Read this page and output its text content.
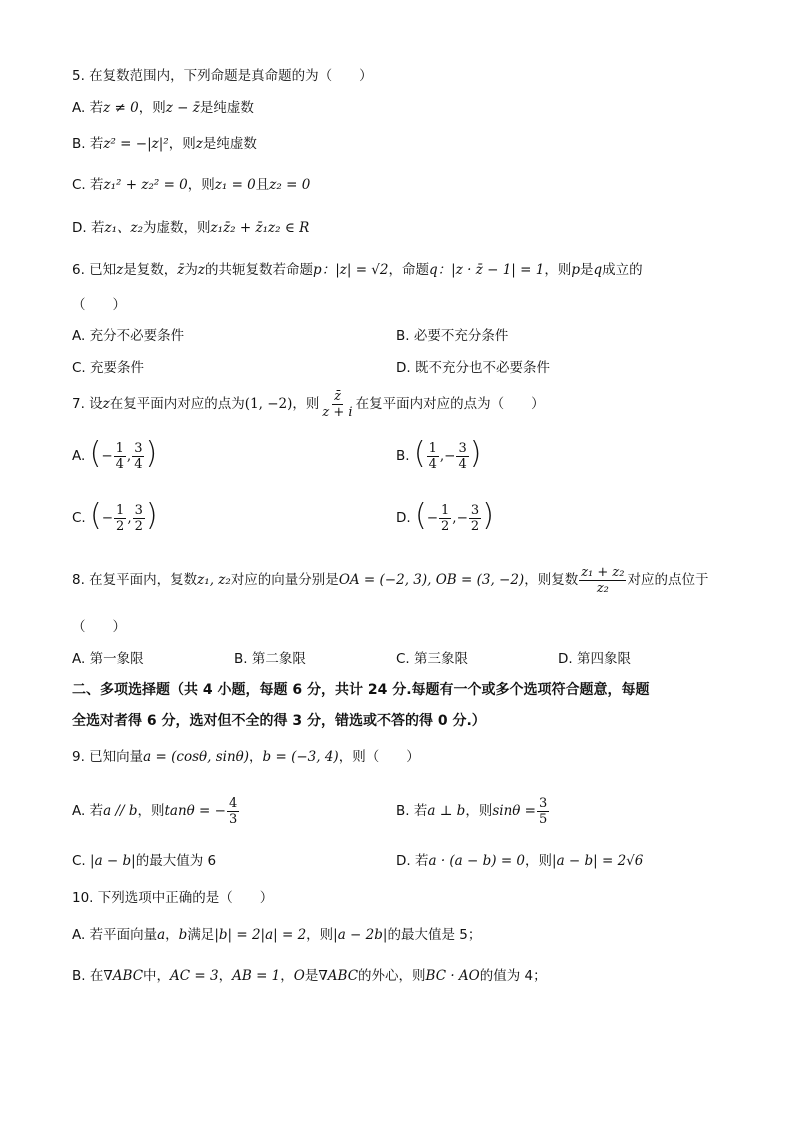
5. 在复数范围内，下列命题是真命题的为（　　）
A. 若z ≠ 0，则z − z̄是纯虚数
B. 若z² = −|z|²，则z是纯虚数
C. 若z₁² + z₂² = 0，则z₁ = 0且z₂ = 0
D. 若z₁、z₂为虚数，则z₁z̄₂ + z̄₁z₂ ∈ R
6. 已知z是复数，z̄为z的共轭复数若命题p：|z| = √2，命题q：|z · z̄ − 1| = 1，则p是q成立的
（　　）
A. 充分不必要条件	B. 必要不充分条件
C. 充要条件	D. 既不充分也不必要条件
7. 设z在复平面内对应的点为(1, −2)，则 $\frac{z̄}{z + i}$ 在复平面内对应的点为（　　）
A. (− $\frac{1}{4}$ , $\frac{3}{4}$ )	B. ( $\frac{1}{4}$ ,− $\frac{3}{4}$ )
C. (− $\frac{1}{2}$ , $\frac{3}{2}$ )	D. (− $\frac{1}{2}$ ,− $\frac{3}{2}$ )
8. 在复平面内，复数z₁, z₂对应的向量分别是OA = (−2, 3), OB = (3, −2)，则复数 $\frac{\text{z₁ + z₂}}{\text{z₂}}$ 对应的点位于
（　　）
A. 第一象限	B. 第二象限	C. 第三象限	D. 第四象限
二、多项选择题（共 4 小题，每题 6 分，共计 24 分.每题有一个或多个选项符合题意，每题
全选对者得 6 分，选对但不全的得 3 分，错选或不答的得 0 分.）
9. 已知向量a = (cosθ, sinθ)，b = (−3, 4)，则（　　）
A. 若a // b，则tanθ = − $\frac{4}{3}$	B. 若a ⊥ b，则$\sin\theta = \frac{3}{5}$
C. |a − b|的最大值为 6	D. 若a · (a − b) = 0，则|a − b| = 2√6
10. 下列选项中正确的是（　　）
A. 若平面向量a，b满足|b| = 2|a| = 2，则|a − 2b|的最大值是 5；
B. 在∇ABC中，AC = 3，AB = 1，O是∇ABC的外心，则BC · AO的值为 4；
